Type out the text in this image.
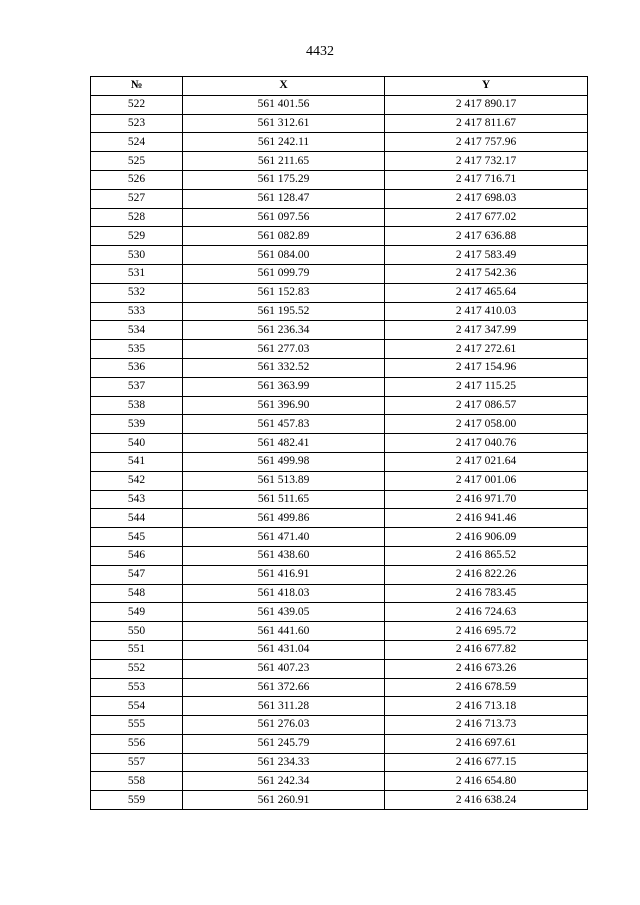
4432
№	X	Y
522	561 401.56	2 417 890.17
523	561 312.61	2 417 811.67
524	561 242.11	2 417 757.96
525	561 211.65	2 417 732.17
526	561 175.29	2 417 716.71
527	561 128.47	2 417 698.03
528	561 097.56	2 417 677.02
529	561 082.89	2 417 636.88
530	561 084.00	2 417 583.49
531	561 099.79	2 417 542.36
532	561 152.83	2 417 465.64
533	561 195.52	2 417 410.03
534	561 236.34	2 417 347.99
535	561 277.03	2 417 272.61
536	561 332.52	2 417 154.96
537	561 363.99	2 417 115.25
538	561 396.90	2 417 086.57
539	561 457.83	2 417 058.00
540	561 482.41	2 417 040.76
541	561 499.98	2 417 021.64
542	561 513.89	2 417 001.06
543	561 511.65	2 416 971.70
544	561 499.86	2 416 941.46
545	561 471.40	2 416 906.09
546	561 438.60	2 416 865.52
547	561 416.91	2 416 822.26
548	561 418.03	2 416 783.45
549	561 439.05	2 416 724.63
550	561 441.60	2 416 695.72
551	561 431.04	2 416 677.82
552	561 407.23	2 416 673.26
553	561 372.66	2 416 678.59
554	561 311.28	2 416 713.18
555	561 276.03	2 416 713.73
556	561 245.79	2 416 697.61
557	561 234.33	2 416 677.15
558	561 242.34	2 416 654.80
559	561 260.91	2 416 638.24
